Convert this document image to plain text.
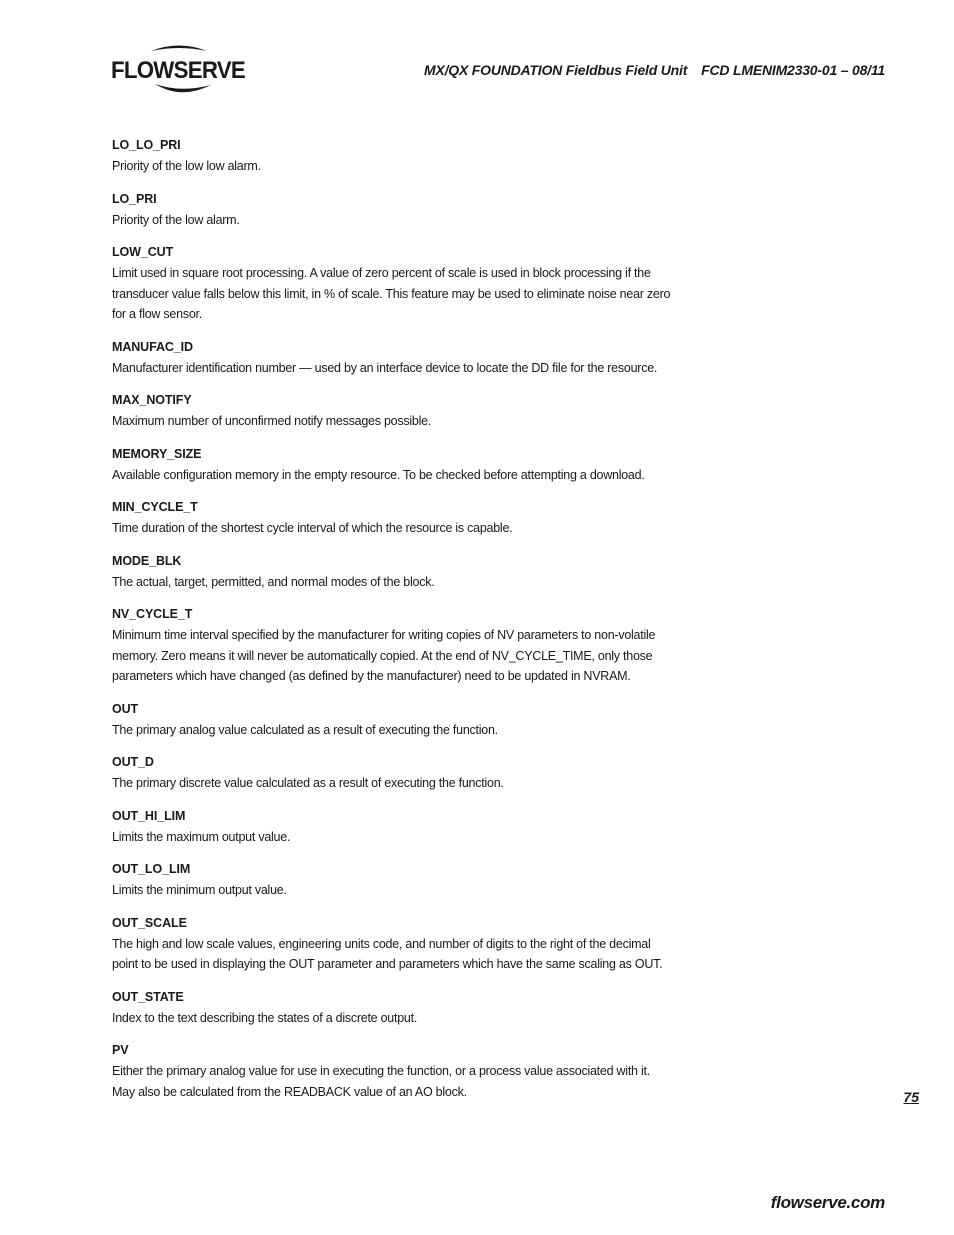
FLOWSERVE	MX/QX FOUNDATION Fieldbus Field Unit FCD LMENIM2330-01 – 08/11
LO_LO_PRI
Priority of the low low alarm.
LO_PRI
Priority of the low alarm.
LOW_CUT
Limit used in square root processing. A value of zero percent of scale is used in block processing if the transducer value falls below this limit, in % of scale. This feature may be used to eliminate noise near zero for a flow sensor.
MANUFAC_ID
Manufacturer identification number — used by an interface device to locate the DD file for the resource.
MAX_NOTIFY
Maximum number of unconfirmed notify messages possible.
MEMORY_SIZE
Available configuration memory in the empty resource. To be checked before attempting a download.
MIN_CYCLE_T
Time duration of the shortest cycle interval of which the resource is capable.
MODE_BLK
The actual, target, permitted, and normal modes of the block.
NV_CYCLE_T
Minimum time interval specified by the manufacturer for writing copies of NV parameters to non-volatile memory. Zero means it will never be automatically copied. At the end of NV_CYCLE_TIME, only those parameters which have changed (as defined by the manufacturer) need to be updated in NVRAM.
OUT
The primary analog value calculated as a result of executing the function.
OUT_D
The primary discrete value calculated as a result of executing the function.
OUT_HI_LIM
Limits the maximum output value.
OUT_LO_LIM
Limits the minimum output value.
OUT_SCALE
The high and low scale values, engineering units code, and number of digits to the right of the decimal point to be used in displaying the OUT parameter and parameters which have the same scaling as OUT.
OUT_STATE
Index to the text describing the states of a discrete output.
PV
Either the primary analog value for use in executing the function, or a process value associated with it. May also be calculated from the READBACK value of an AO block.	75
flowserve.com
